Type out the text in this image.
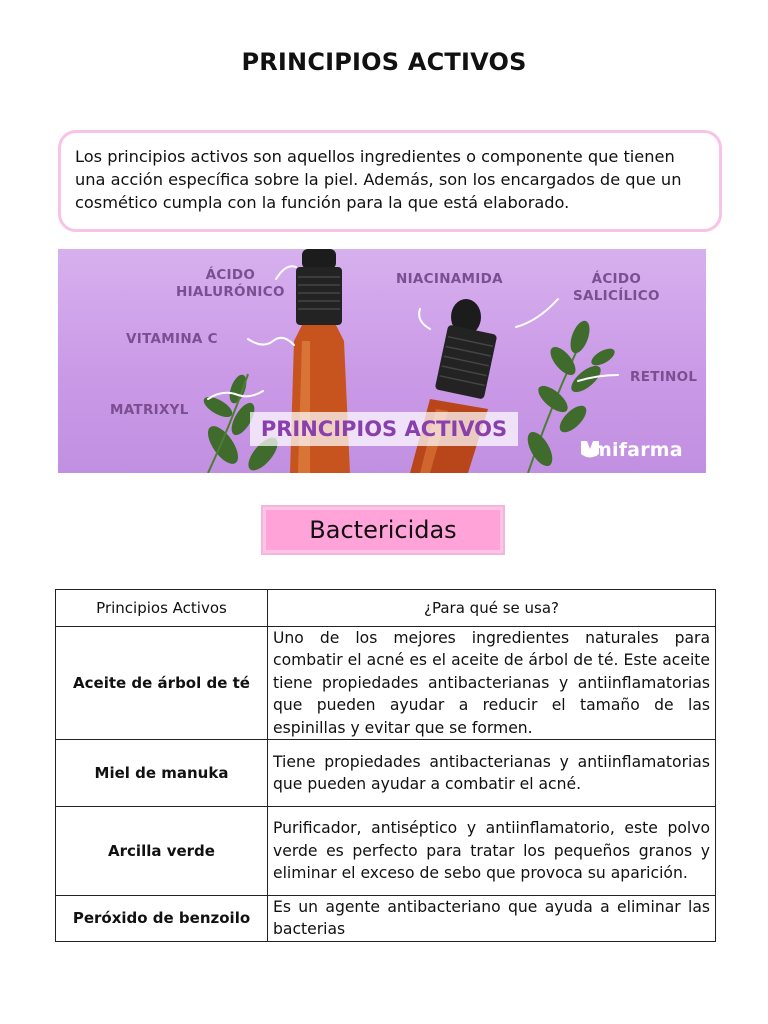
PRINCIPIOS ACTIVOS
Los principios activos son aquellos ingredientes o componente que tienen una acción específica sobre la piel. Además, son los encargados de que un cosmético cumpla con la función para la que está elaborado.
ÁCIDO
HIALURÓNICO
NIACINAMIDA	ÁCIDO
SALICÍLICO
VITAMINA C
RETINOL
MATRIXYL
PRINCIPIOS ACTIVOS
mifarma
Bactericidas
Principios Activos	¿Para qué se usa?
Aceite de árbol de té	Uno de los mejores ingredientes naturales para combatir el acné es el aceite de árbol de té. Este aceite tiene propiedades antibacterianas y antiinflamatorias que pueden ayudar a reducir el tamaño de las espinillas y evitar que se formen.
Miel de manuka	Tiene propiedades antibacterianas y antiinflamatorias que pueden ayudar a combatir el acné.
Arcilla verde	Purificador, antiséptico y antiinflamatorio, este polvo verde es perfecto para tratar los pequeños granos y eliminar el exceso de sebo que provoca su aparición.
Peróxido de benzoilo	Es un agente antibacteriano que ayuda a eliminar las bacterias
